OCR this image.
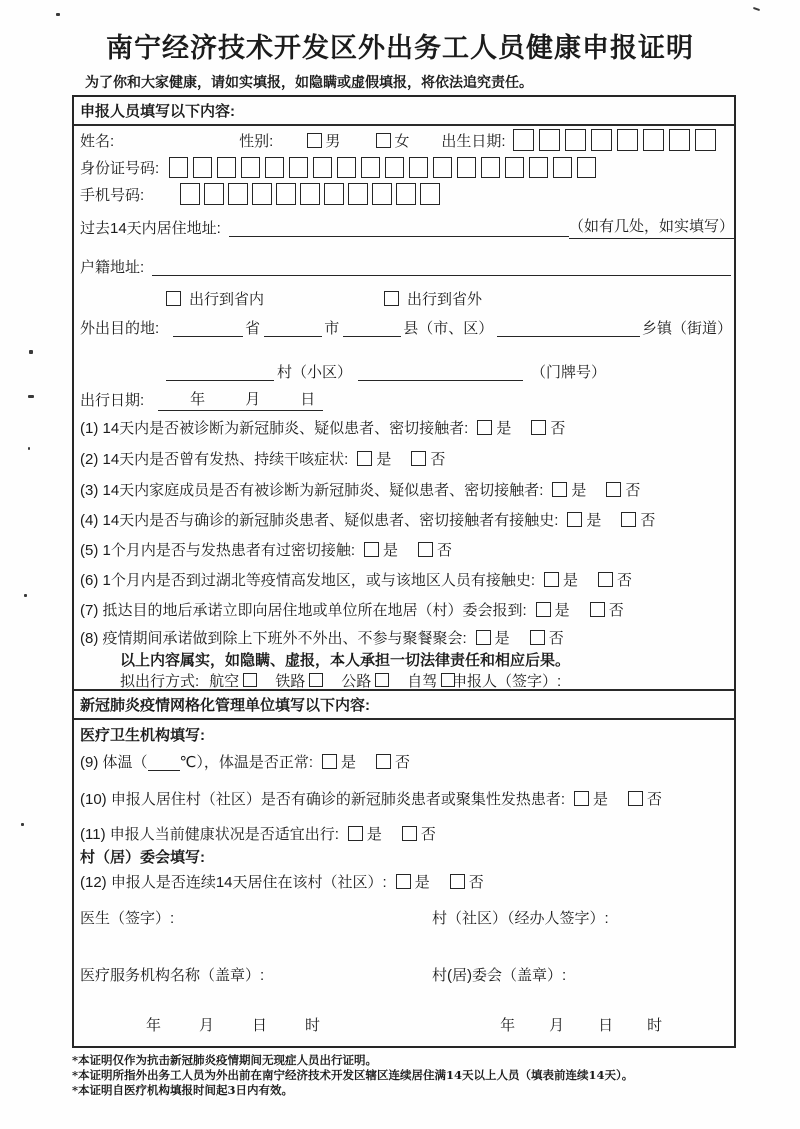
南宁经济技术开发区外出务工人员健康申报证明
为了你和大家健康，请如实填报，如隐瞒或虚假填报，将依法追究责任。
申报人员填写以下内容:
姓名:	性别:	男	女 出生日期:
身份证号码:
手机号码:
过去14天内居住地址:	（如有几处，如实填写）
户籍地址:
出行到省内	出行到省外
外出目的地:	省	市	县（市、区）	乡镇（街道）
村（小区）	（门牌号）
出行日期:	年	月	日
(1) 14天内是否被诊断为新冠肺炎、疑似患者、密切接触者: 是	否
(2) 14天内是否曾有发热、持续干咳症状: 是	否
(3) 14天内家庭成员是否有被诊断为新冠肺炎、疑似患者、密切接触者: 是	否
(4) 14天内是否与确诊的新冠肺炎患者、疑似患者、密切接触者有接触史: 是	否
(5) 1个月内是否与发热患者有过密切接触: 是	否
(6) 1个月内是否到过湖北等疫情高发地区，或与该地区人员有接触史: 是	否
(7) 抵达目的地后承诺立即向居住地或单位所在地居（村）委会报到: 是	否
(8) 疫情期间承诺做到除上下班外不外出、不参与聚餐聚会: 是	否
以上内容属实，如隐瞒、虚报，本人承担一切法律责任和相应后果。
拟出行方式: 航空 铁路 公路 自驾 申报人（签字）:
新冠肺炎疫情网格化管理单位填写以下内容:
医疗卫生机构填写:
(9) 体温（ ℃），体温是否正常: 是	否
(10) 申报人居住村（社区）是否有确诊的新冠肺炎患者或聚集性发热患者: 是	否
(11) 申报人当前健康状况是否适宜出行: 是	否
村（居）委会填写:
(12) 申报人是否连续14天居住在该村（社区）: 是	否
医生（签字）:	村（社区）（经办人签字）:
医疗服务机构名称（盖章）:	村(居)委会（盖章）:
年	月	日	时	年 月 日 时
*本证明仅作为抗击新冠肺炎疫情期间无现症人员出行证明。
*本证明所指外出务工人员为外出前在南宁经济技术开发区辖区连续居住满14天以上人员（填表前连续14天）。
*本证明自医疗机构填报时间起3日内有效。
